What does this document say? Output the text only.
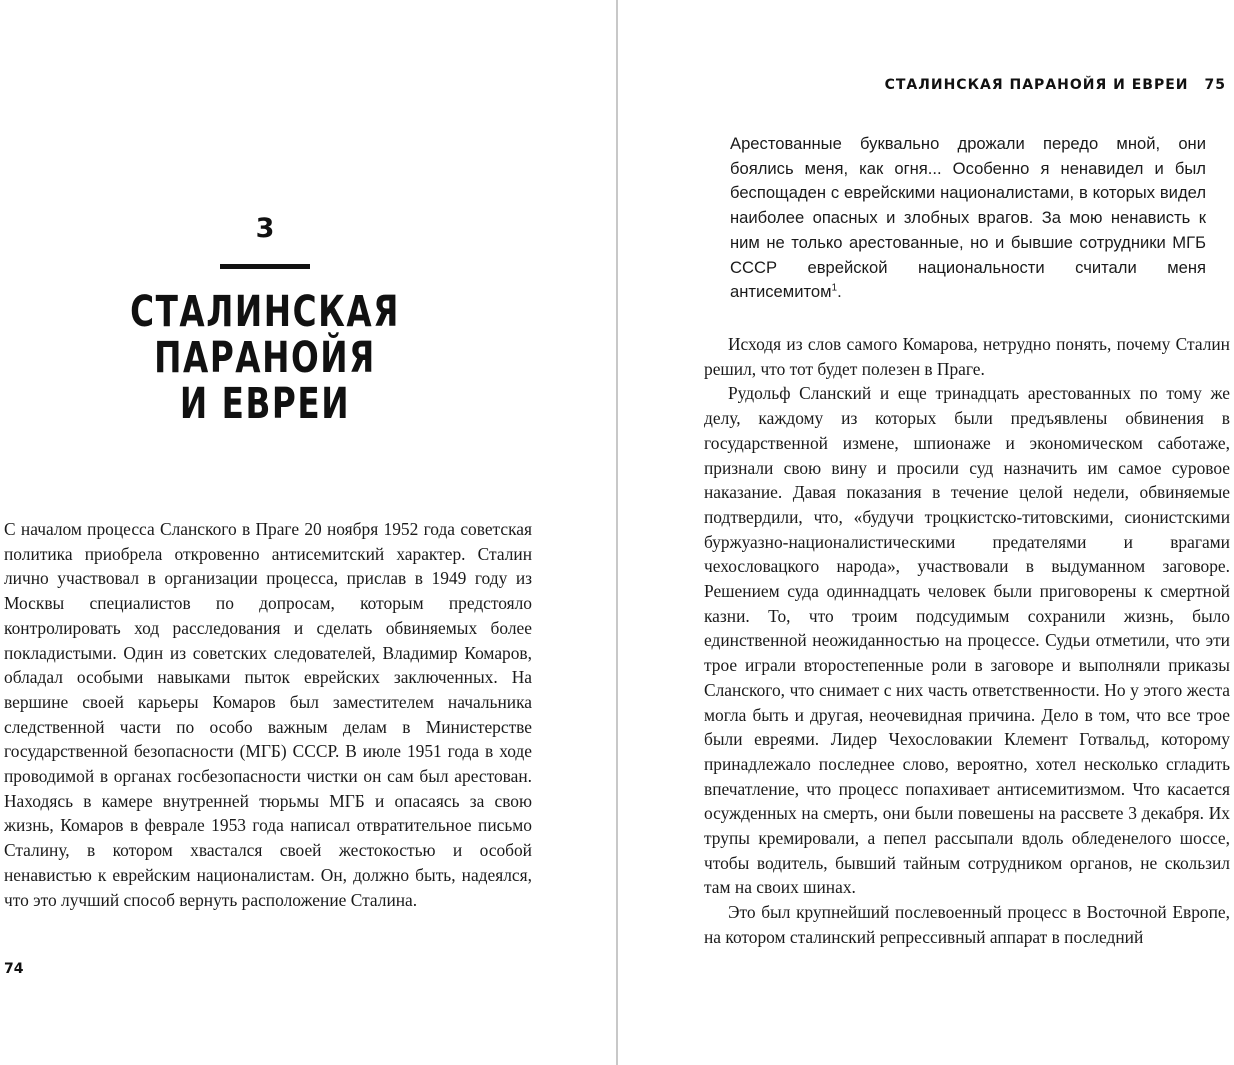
3
СТАЛИНСКАЯ ПАРАНОЙЯ
И ЕВРЕИ

С началом процесса Сланского в Праге 20 ноября 1952 года советская политика приобрела откровенно антисемитский характер. Сталин лично участвовал в организации процесса, прислав в 1949 году из Москвы специалистов по допросам, которым предстояло контролировать ход расследования и сделать обвиняемых более покладистыми. Один из советских следователей, Владимир Комаров, обладал особыми навыками пыток еврейских заключенных. На вершине своей карьеры Комаров был заместителем начальника следственной части по особо важным делам в Министерстве государственной безопасности (МГБ) СССР. В июле 1951 года в ходе проводимой в органах госбезопасности чистки он сам был арестован. Находясь в камере внутренней тюрьмы МГБ и опасаясь за свою жизнь, Комаров в феврале 1953 года написал отвратительное письмо Сталину, в котором хвастался своей жестокостью и особой ненавистью к еврейским националистам. Он, должно быть, надеялся, что это лучший способ вернуть расположение Сталина.

74
СТАЛИНСКАЯ ПАРАНОЙЯ И ЕВРЕИ 75
Арестованные буквально дрожали передо мной, они боялись меня, как огня... Особенно я ненавидел и был беспощаден с еврейскими националистами, в которых видел наиболее опасных и злобных врагов. За мою ненависть к ним не только арестованные, но и бывшие сотрудники МГБ СССР еврейской национальности считали меня антисемитом$^1$.

Исходя из слов самого Комарова, нетрудно понять, почему Сталин решил, что тот будет полезен в Праге.

Рудольф Сланский и еще тринадцать арестованных по тому же делу, каждому из которых были предъявлены обвинения в государственной измене, шпионаже и экономическом саботаже, признали свою вину и просили суд назначить им самое суровое наказание. Давая показания в течение целой недели, обвиняемые подтвердили, что, «будучи троцкистско-титовскими, сионистскими буржуазно-националистическими предателями и врагами чехословацкого народа», участвовали в выдуманном заговоре. Решением суда одиннадцать человек были приговорены к смертной казни. То, что троим подсудимым сохранили жизнь, было единственной неожиданностью на процессе. Судьи отметили, что эти трое играли второстепенные роли в заговоре и выполняли приказы Сланского, что снимает с них часть ответственности. Но у этого жеста могла быть и другая, неочевидная причина. Дело в том, что все трое были евреями. Лидер Чехословакии Клемент Готвальд, которому принадлежало последнее слово, вероятно, хотел несколько сгладить впечатление, что процесс попахивает антисемитизмом. Что касается осужденных на смерть, они были повешены на рассвете 3 декабря. Их трупы кремировали, а пепел рассыпали вдоль обледенелого шоссе, чтобы водитель, бывший тайным сотрудником органов, не скользил там на своих шинах.

Это был крупнейший послевоенный процесс в Восточной Европе, на котором сталинский репрессивный аппарат в последний
